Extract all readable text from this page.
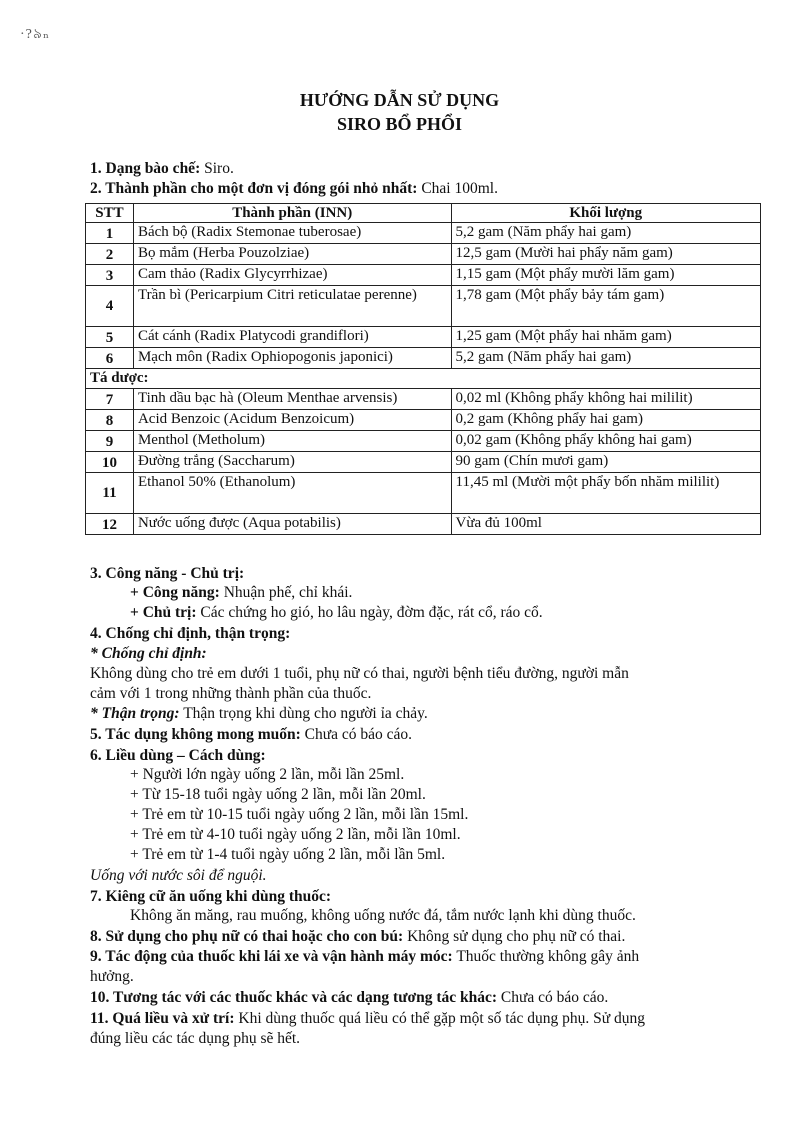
·?৯ₙ
HƯỚNG DẪN SỬ DỤNG
SIRO BỔ PHỔI
1. Dạng bào chế: Siro.
2. Thành phần cho một đơn vị đóng gói nhỏ nhất: Chai 100ml.
STT	Thành phần (INN)	Khối lượng
1	Bách bộ (Radix Stemonae tuberosae)	5,2 gam (Năm phẩy hai gam)
2	Bọ mắm (Herba Pouzolziae)	12,5 gam (Mười hai phẩy năm gam)
3	Cam thảo (Radix Glycyrrhizae)	1,15 gam (Một phẩy mười lăm gam)
4	Trần bì (Pericarpium Citri reticulatae perenne)	1,78 gam (Một phẩy bảy tám gam)
5	Cát cánh (Radix Platycodi grandiflori)	1,25 gam (Một phẩy hai nhăm gam)
6	Mạch môn (Radix Ophiopogonis japonici)	5,2 gam (Năm phẩy hai gam)
Tá dược:		
7	Tinh dầu bạc hà (Oleum Menthae arvensis)	0,02 ml (Không phẩy không hai mililit)
8	Acid Benzoic (Acidum Benzoicum)	0,2 gam (Không phẩy hai gam)
9	Menthol (Metholum)	0,02 gam (Không phẩy không hai gam)
10	Đường trắng (Saccharum)	90 gam (Chín mươi gam)
11	Ethanol 50% (Ethanolum)	11,45 ml (Mười một phẩy bốn nhăm mililit)
12	Nước uống được (Aqua potabilis)	Vừa đủ 100ml
3. Công năng - Chủ trị:
+ Công năng: Nhuận phế, chỉ khái.
+ Chủ trị: Các chứng ho gió, ho lâu ngày, đờm đặc, rát cổ, ráo cổ.
4. Chống chỉ định, thận trọng:
* Chống chỉ định:
Không dùng cho trẻ em dưới 1 tuổi, phụ nữ có thai, người bệnh tiểu đường, người mẫn
cảm với 1 trong những thành phần của thuốc.
* Thận trọng: Thận trọng khi dùng cho người ỉa chảy.
5. Tác dụng không mong muốn: Chưa có báo cáo.
6. Liều dùng – Cách dùng:
+ Người lớn ngày uống 2 lần, mỗi lần 25ml.
+ Từ 15-18 tuổi ngày uống 2 lần, mỗi lần 20ml.
+ Trẻ em từ 10-15 tuổi ngày uống 2 lần, mỗi lần 15ml.
+ Trẻ em từ 4-10 tuổi ngày uống 2 lần, mỗi lần 10ml.
+ Trẻ em từ 1-4 tuổi ngày uống 2 lần, mỗi lần 5ml.
Uống với nước sôi để nguội.
7. Kiêng cữ ăn uống khi dùng thuốc:
Không ăn măng, rau muống, không uống nước đá, tắm nước lạnh khi dùng thuốc.
8. Sử dụng cho phụ nữ có thai hoặc cho con bú: Không sử dụng cho phụ nữ có thai.
9. Tác động của thuốc khi lái xe và vận hành máy móc: Thuốc thường không gây ảnh
hưởng.
10. Tương tác với các thuốc khác và các dạng tương tác khác: Chưa có báo cáo.
11. Quá liều và xử trí: Khi dùng thuốc quá liều có thể gặp một số tác dụng phụ. Sử dụng
đúng liều các tác dụng phụ sẽ hết.
